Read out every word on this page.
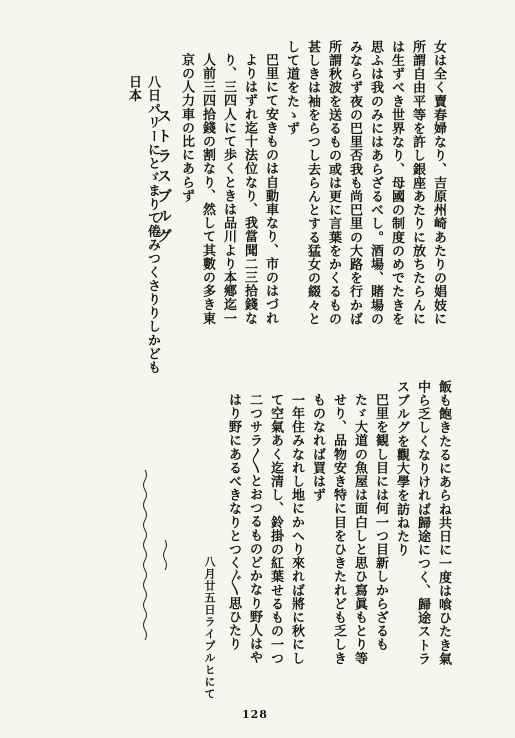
女は全く賣春婦なり、吉原州崎あたりの娼妓に所謂自由平等を許し銀座あたりに放ちたらんには生ずべき世界なり、母國の制度のめでたきを思ふは我のみにはあらざるべし。酒場、賭場のみならず夜の巴里否我も尚巴里の大路を行かば所謂秋波を送るもの或は更に言葉をかくるもの甚しきは袖をらつし去らんとする猛女の綴々として道をたゝず

巴里にて安きものは自動車なり、市のはづれよりはずれ迄十法位なり、我當聞二三拾錢なり、三四人にて歩くときは品川より本鄕迄一人前三四拾錢の割なり、然して其數の多き東京の人力車の比にあらず

ストラスブルグ
八日パリーにとゞまりて倦みつくさりりしかども日本

飯も飽きたるにあらね共日に一度は喰ひたき氣中ら乏しくなりければ歸途につく、歸途ストラスブルグを觀大學を訪ねたり

巴里を観し目には何一つ目新しからざるもたゞ大道の魚屋は面白しと思ひ寫眞もとり等せり、品物安き特に目をひきたれども乏しきものなれば買はず

一年住みなれし地にかへり來れば將に秋にして空氣あく迄清し、鈴掛の紅葉せるもの一つ二つサラ〳〵とおつるものどかなり野人はやはり野にあるべきなりとつく〴〵思ひたり

八月廿五日ライプルヒにて
128
